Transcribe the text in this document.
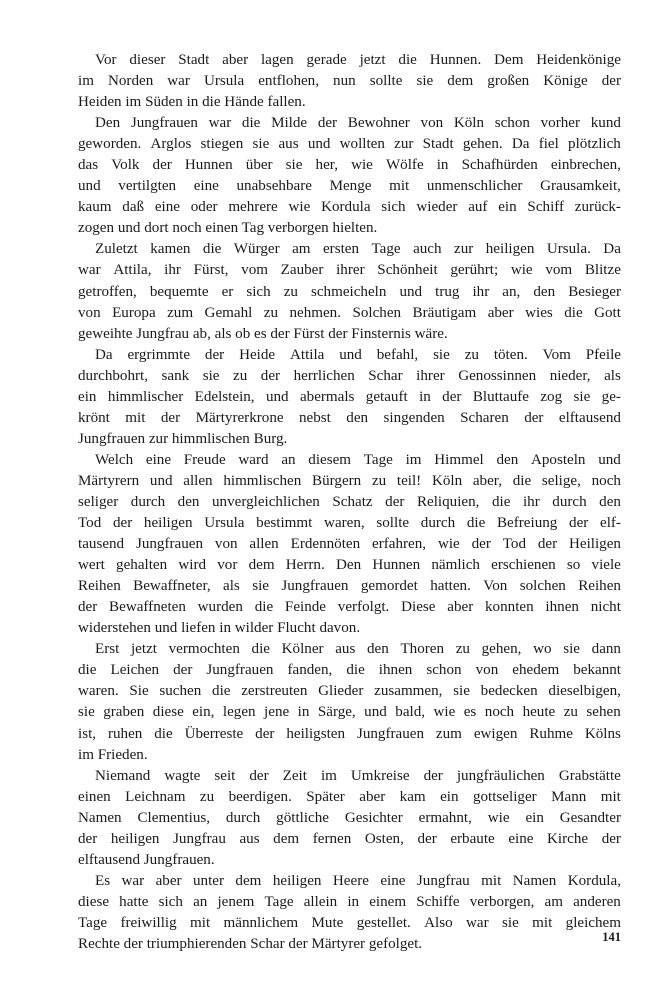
Vor dieser Stadt aber lagen gerade jetzt die Hunnen. Dem Heidenkönige
im Norden war Ursula entflohen, nun sollte sie dem großen Könige der
Heiden im Süden in die Hände fallen.

Den Jungfrauen war die Milde der Bewohner von Köln schon vorher kund
geworden. Arglos stiegen sie aus und wollten zur Stadt gehen. Da fiel plötzlich
das Volk der Hunnen über sie her, wie Wölfe in Schafhürden einbrechen,
und vertilgten eine unabsehbare Menge mit unmenschlicher Grausamkeit,
kaum daß eine oder mehrere wie Kordula sich wieder auf ein Schiff zurück-
zogen und dort noch einen Tag verborgen hielten.

Zuletzt kamen die Würger am ersten Tage auch zur heiligen Ursula. Da
war Attila, ihr Fürst, vom Zauber ihrer Schönheit gerührt; wie vom Blitze
getroffen, bequemte er sich zu schmeicheln und trug ihr an, den Besieger
von Europa zum Gemahl zu nehmen. Solchen Bräutigam aber wies die Gott
geweihte Jungfrau ab, als ob es der Fürst der Finsternis wäre.

Da ergrimmte der Heide Attila und befahl, sie zu töten. Vom Pfeile
durchbohrt, sank sie zu der herrlichen Schar ihrer Genossinnen nieder, als
ein himmlischer Edelstein, und abermals getauft in der Bluttaufe zog sie ge-
krönt mit der Märtyrerkrone nebst den singenden Scharen der elftausend
Jungfrauen zur himmlischen Burg.

Welch eine Freude ward an diesem Tage im Himmel den Aposteln und
Märtyrern und allen himmlischen Bürgern zu teil! Köln aber, die selige, noch
seliger durch den unvergleichlichen Schatz der Reliquien, die ihr durch den
Tod der heiligen Ursula bestimmt waren, sollte durch die Befreiung der elf-
tausend Jungfrauen von allen Erdennöten erfahren, wie der Tod der Heiligen
wert gehalten wird vor dem Herrn. Den Hunnen nämlich erschienen so viele
Reihen Bewaffneter, als sie Jungfrauen gemordet hatten. Von solchen Reihen
der Bewaffneten wurden die Feinde verfolgt. Diese aber konnten ihnen nicht
widerstehen und liefen in wilder Flucht davon.

Erst jetzt vermochten die Kölner aus den Thoren zu gehen, wo sie dann
die Leichen der Jungfrauen fanden, die ihnen schon von ehedem bekannt
waren. Sie suchen die zerstreuten Glieder zusammen, sie bedecken dieselbigen,
sie graben diese ein, legen jene in Särge, und bald, wie es noch heute zu sehen
ist, ruhen die Überreste der heiligsten Jungfrauen zum ewigen Ruhme Kölns
im Frieden.

Niemand wagte seit der Zeit im Umkreise der jungfräulichen Grabstätte
einen Leichnam zu beerdigen. Später aber kam ein gottseliger Mann mit
Namen Clementius, durch göttliche Gesichter ermahnt, wie ein Gesandter
der heiligen Jungfrau aus dem fernen Osten, der erbaute eine Kirche der
elftausend Jungfrauen.

Es war aber unter dem heiligen Heere eine Jungfrau mit Namen Kordula,
diese hatte sich an jenem Tage allein in einem Schiffe verborgen, am anderen
Tage freiwillig mit männlichem Mute gestellet. Also war sie mit gleichem
Rechte der triumphierenden Schar der Märtyrer gefolget.	141
